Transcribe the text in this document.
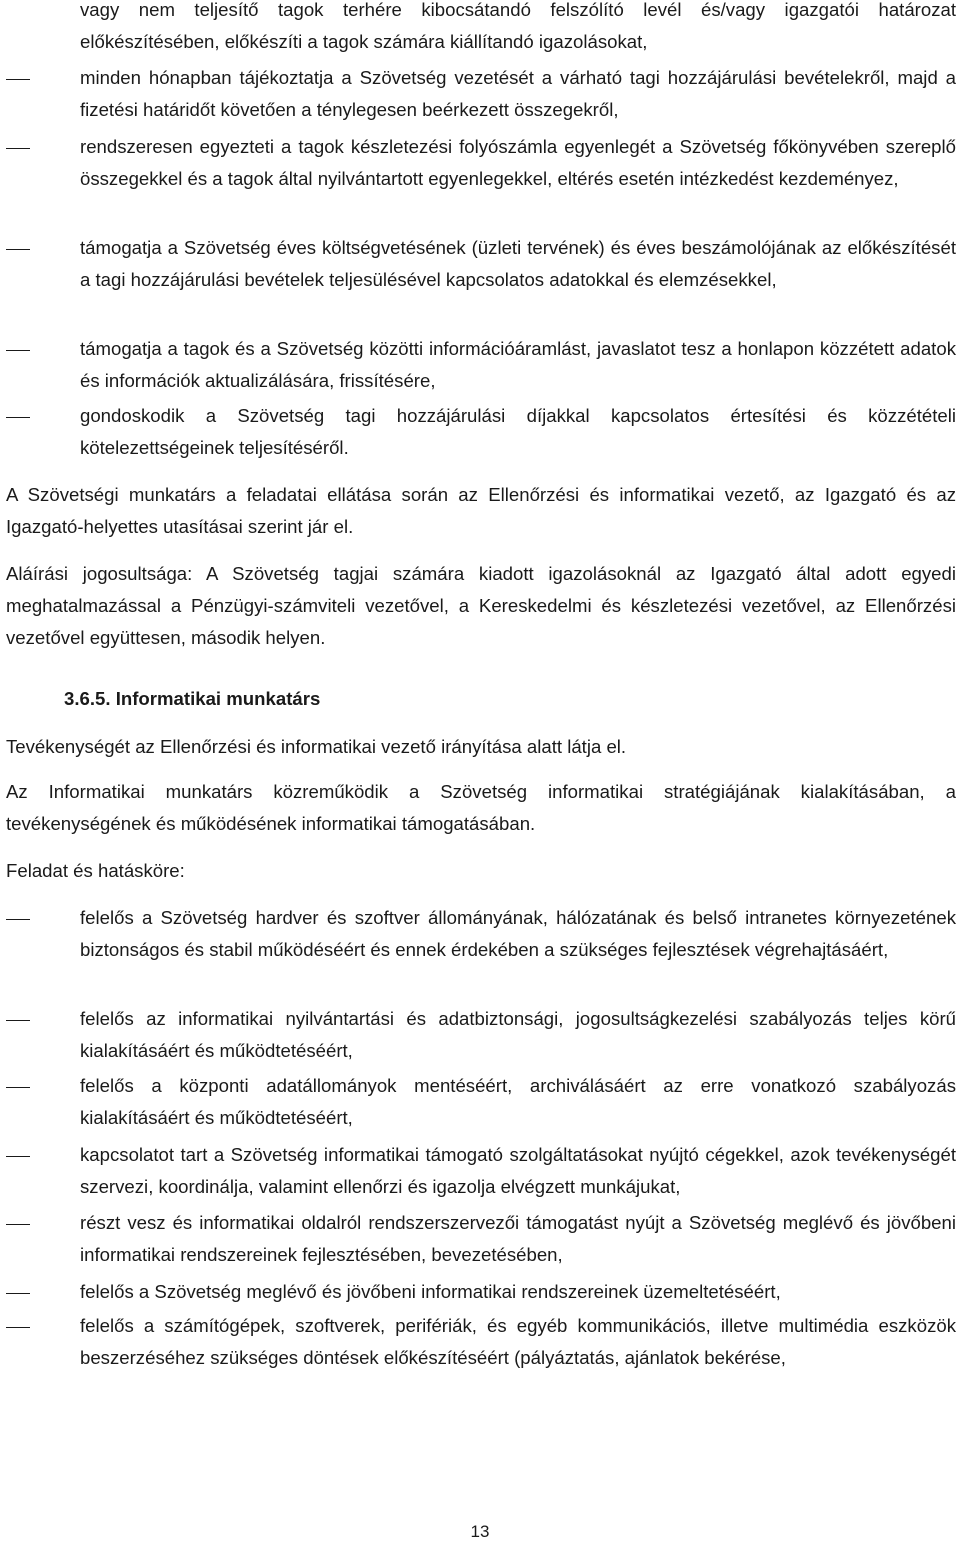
vagy nem teljesítő tagok terhére kibocsátandó felszólító levél és/vagy igazgatói határozat előkészítésében, előkészíti a tagok számára kiállítandó igazolásokat,

minden hónapban tájékoztatja a Szövetség vezetését a várható tagi hozzájárulási bevételekről, majd a fizetési határidőt követően a ténylegesen beérkezett összegekről,

rendszeresen egyezteti a tagok készletezési folyószámla egyenlegét a Szövetség főkönyvében szereplő összegekkel és a tagok által nyilvántartott egyenlegekkel, eltérés esetén intézkedést kezdeményez,

támogatja a Szövetség éves költségvetésének (üzleti tervének) és éves beszámolójának az előkészítését a tagi hozzájárulási bevételek teljesülésével kapcsolatos adatokkal és elemzésekkel,

támogatja a tagok és a Szövetség közötti információáramlást, javaslatot tesz a honlapon közzétett adatok és információk aktualizálására, frissítésére,

gondoskodik a Szövetség tagi hozzájárulási díjakkal kapcsolatos értesítési és közzétételi kötelezettségeinek teljesítéséről.

A Szövetségi munkatárs a feladatai ellátása során az Ellenőrzési és informatikai vezető, az Igazgató és az Igazgató-helyettes utasításai szerint jár el.

Aláírási jogosultsága: A Szövetség tagjai számára kiadott igazolásoknál az Igazgató által adott egyedi meghatalmazással a Pénzügyi-számviteli vezetővel, a Kereskedelmi és készletezési vezetővel, az Ellenőrzési vezetővel együttesen, második helyen.

3.6.5. Informatikai munkatárs

Tevékenységét az Ellenőrzési és informatikai vezető irányítása alatt látja el.

Az Informatikai munkatárs közreműködik a Szövetség informatikai stratégiájának kialakításában, a tevékenységének és működésének informatikai támogatásában.

Feladat és hatásköre:

felelős a Szövetség hardver és szoftver állományának, hálózatának és belső intranetes környezetének biztonságos és stabil működéséért és ennek érdekében a szükséges fejlesztések végrehajtásáért,

felelős az informatikai nyilvántartási és adatbiztonsági, jogosultságkezelési szabályozás teljes körű kialakításáért és működtetéséért,

felelős a központi adatállományok mentéséért, archiválásáért az erre vonatkozó szabályozás kialakításáért és működtetéséért,

kapcsolatot tart a Szövetség informatikai támogató szolgáltatásokat nyújtó cégekkel, azok tevékenységét szervezi, koordinálja, valamint ellenőrzi és igazolja elvégzett munkájukat,

részt vesz és informatikai oldalról rendszerszervezői támogatást nyújt a Szövetség meglévő és jövőbeni informatikai rendszereinek fejlesztésében, bevezetésében,

felelős a Szövetség meglévő és jövőbeni informatikai rendszereinek üzemeltetéséért,

felelős a számítógépek, szoftverek, perifériák, és egyéb kommunikációs, illetve multimédia eszközök beszerzéséhez szükséges döntések előkészítéséért (pályáztatás, ajánlatok bekérése,

13
